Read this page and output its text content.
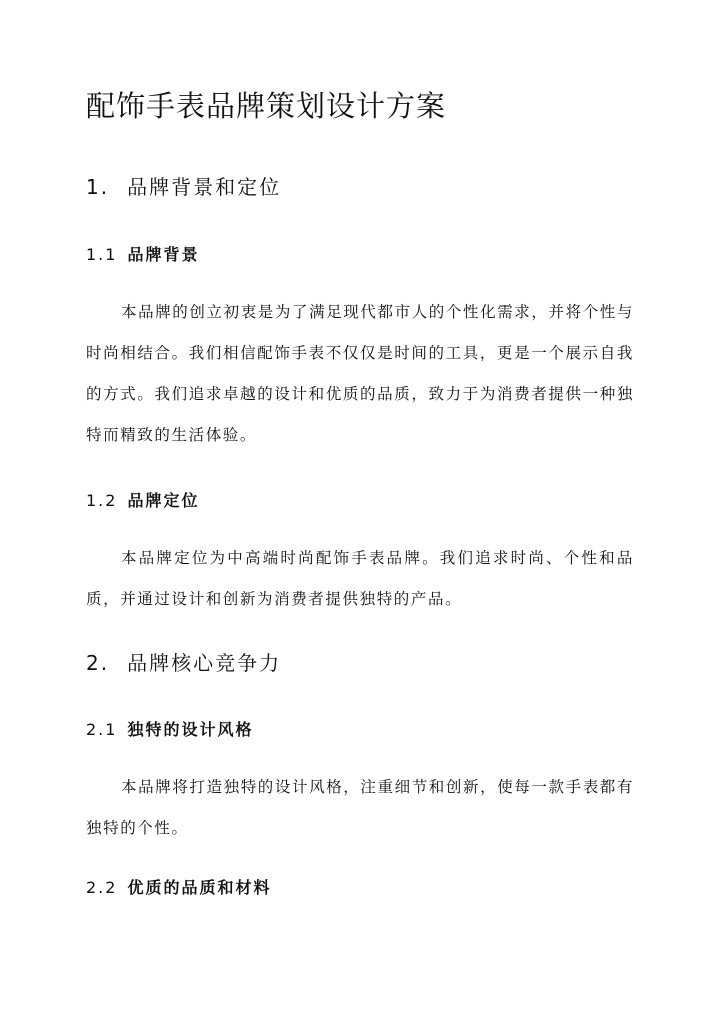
配饰手表品牌策划设计方案
1. 品牌背景和定位
1.1 品牌背景

本品牌的创立初衷是为了满足现代都市人的个性化需求，并将个性与时尚相结合。我们相信配饰手表不仅仅是时间的工具，更是一个展示自我的方式。我们追求卓越的设计和优质的品质，致力于为消费者提供一种独特而精致的生活体验。

1.2 品牌定位

本品牌定位为中高端时尚配饰手表品牌。我们追求时尚、个性和品质，并通过设计和创新为消费者提供独特的产品。

2. 品牌核心竞争力
2.1 独特的设计风格

本品牌将打造独特的设计风格，注重细节和创新，使每一款手表都有独特的个性。

2.2 优质的品质和材料
